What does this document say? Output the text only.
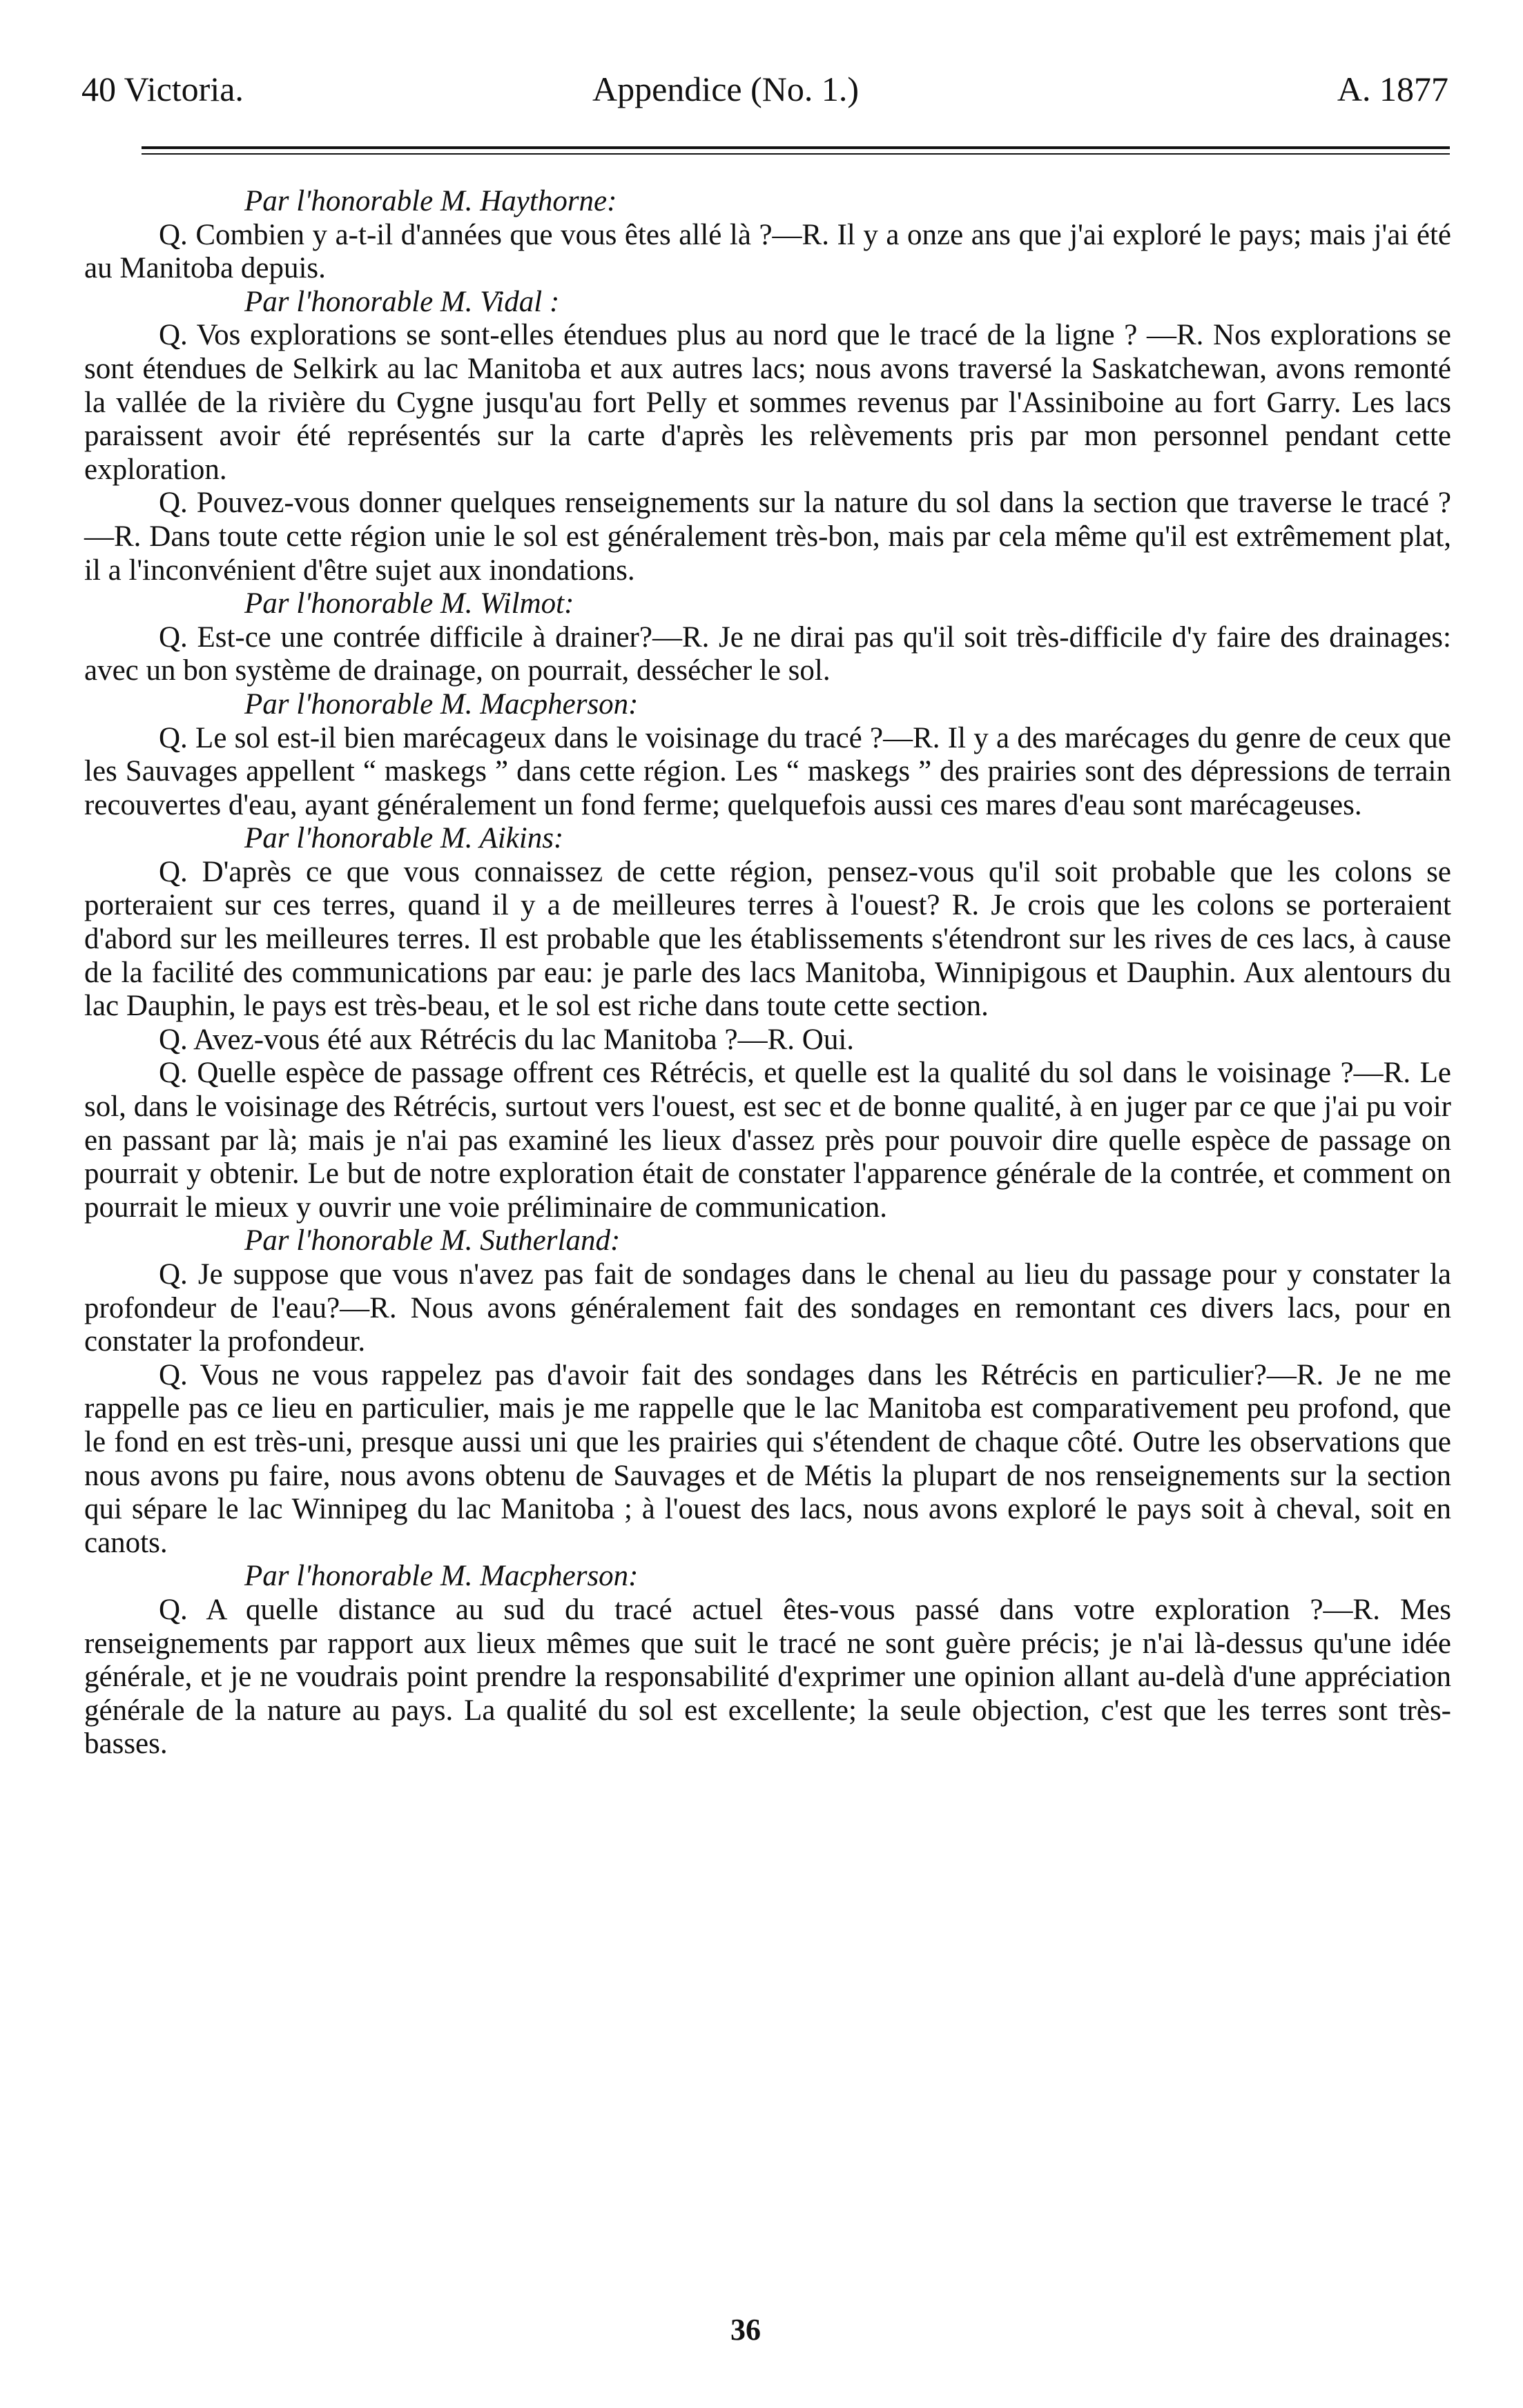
40 Victoria.	Appendice (No. 1.)	A. 1877

Par l'honorable M. Haythorne:

Q. Combien y a-t-il d'années que vous êtes allé là ?—R. Il y a onze ans que j'ai exploré le pays; mais j'ai été au Manitoba depuis.

Par l'honorable M. Vidal :

Q. Vos explorations se sont-elles étendues plus au nord que le tracé de la ligne ? —R. Nos explorations se sont étendues de Selkirk au lac Manitoba et aux autres lacs; nous avons traversé la Saskatchewan, avons remonté la vallée de la rivière du Cygne jusqu'au fort Pelly et sommes revenus par l'Assiniboine au fort Garry. Les lacs paraissent avoir été représentés sur la carte d'après les relèvements pris par mon personnel pendant cette exploration.

Q. Pouvez-vous donner quelques renseignements sur la nature du sol dans la section que traverse le tracé ?—R. Dans toute cette région unie le sol est généralement très-bon, mais par cela même qu'il est extrêmement plat, il a l'inconvénient d'être sujet aux inondations.

Par l'honorable M. Wilmot:

Q. Est-ce une contrée difficile à drainer?—R. Je ne dirai pas qu'il soit très-difficile d'y faire des drainages: avec un bon système de drainage, on pourrait, dessécher le sol.

Par l'honorable M. Macpherson:

Q. Le sol est-il bien marécageux dans le voisinage du tracé ?—R. Il y a des marécages du genre de ceux que les Sauvages appellent “ maskegs ” dans cette région. Les “ maskegs ” des prairies sont des dépressions de terrain recouvertes d'eau, ayant généralement un fond ferme; quelquefois aussi ces mares d'eau sont marécageuses.

Par l'honorable M. Aikins:

Q. D'après ce que vous connaissez de cette région, pensez-vous qu'il soit probable que les colons se porteraient sur ces terres, quand il y a de meilleures terres à l'ouest? R. Je crois que les colons se porteraient d'abord sur les meilleures terres. Il est probable que les établissements s'étendront sur les rives de ces lacs, à cause de la facilité des communications par eau: je parle des lacs Manitoba, Winnipigous et Dauphin. Aux alentours du lac Dauphin, le pays est très-beau, et le sol est riche dans toute cette section.

Q. Avez-vous été aux Rétrécis du lac Manitoba ?—R. Oui.

Q. Quelle espèce de passage offrent ces Rétrécis, et quelle est la qualité du sol dans le voisinage ?—R. Le sol, dans le voisinage des Rétrécis, surtout vers l'ouest, est sec et de bonne qualité, à en juger par ce que j'ai pu voir en passant par là; mais je n'ai pas examiné les lieux d'assez près pour pouvoir dire quelle espèce de passage on pourrait y obtenir. Le but de notre exploration était de constater l'apparence générale de la contrée, et comment on pourrait le mieux y ouvrir une voie préliminaire de communication.

Par l'honorable M. Sutherland:

Q. Je suppose que vous n'avez pas fait de sondages dans le chenal au lieu du passage pour y constater la profondeur de l'eau?—R. Nous avons généralement fait des sondages en remontant ces divers lacs, pour en constater la profondeur.

Q. Vous ne vous rappelez pas d'avoir fait des sondages dans les Rétrécis en particulier?—R. Je ne me rappelle pas ce lieu en particulier, mais je me rappelle que le lac Manitoba est comparativement peu profond, que le fond en est très-uni, presque aussi uni que les prairies qui s'étendent de chaque côté. Outre les observations que nous avons pu faire, nous avons obtenu de Sauvages et de Métis la plupart de nos renseignements sur la section qui sépare le lac Winnipeg du lac Manitoba ; à l'ouest des lacs, nous avons exploré le pays soit à cheval, soit en canots.

Par l'honorable M. Macpherson:

Q. A quelle distance au sud du tracé actuel êtes-vous passé dans votre exploration ?—R. Mes renseignements par rapport aux lieux mêmes que suit le tracé ne sont guère précis; je n'ai là-dessus qu'une idée générale, et je ne voudrais point prendre la responsabilité d'exprimer une opinion allant au-delà d'une appréciation générale de la nature au pays. La qualité du sol est excellente; la seule objection, c'est que les terres sont très-basses.

36
